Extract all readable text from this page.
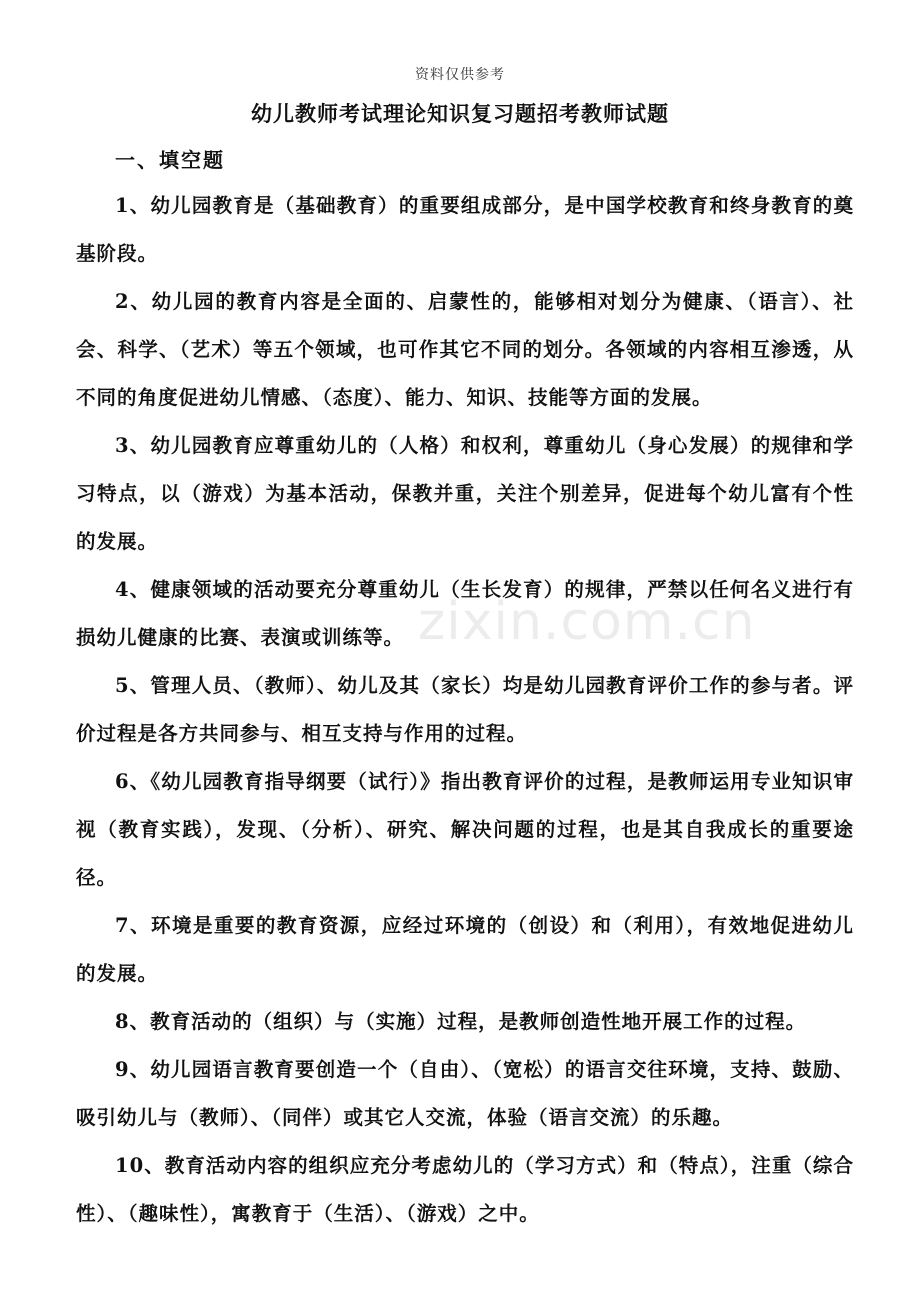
资料仅供参考
幼儿教师考试理论知识复习题招考教师试题
一、填空题

1、幼儿园教育是（基础教育）的重要组成部分，是中国学校教育和终身教育的奠基阶段。

2、幼儿园的教育内容是全面的、启蒙性的，能够相对划分为健康、（语言）、社会、科学、（艺术）等五个领域，也可作其它不同的划分。各领域的内容相互渗透，从不同的角度促进幼儿情感、（态度）、能力、知识、技能等方面的发展。

3、幼儿园教育应尊重幼儿的（人格）和权利，尊重幼儿（身心发展）的规律和学习特点，以（游戏）为基本活动，保教并重，关注个别差异，促进每个幼儿富有个性的发展。

4、健康领域的活动要充分尊重幼儿（生长发育）的规律，严禁以任何名义进行有损幼儿健康的比赛、表演或训练等。

5、管理人员、（教师）、幼儿及其（家长）均是幼儿园教育评价工作的参与者。评价过程是各方共同参与、相互支持与作用的过程。

6、《幼儿园教育指导纲要（试行）》指出教育评价的过程，是教师运用专业知识审视（教育实践），发现、（分析）、研究、解决问题的过程，也是其自我成长的重要途径。

7、环境是重要的教育资源，应经过环境的（创设）和（利用），有效地促进幼儿的发展。

8、教育活动的（组织）与（实施）过程，是教师创造性地开展工作的过程。

9、幼儿园语言教育要创造一个（自由）、（宽松）的语言交往环境，支持、鼓励、吸引幼儿与（教师）、（同伴）或其它人交流，体验（语言交流）的乐趣。

10、教育活动内容的组织应充分考虑幼儿的（学习方式）和（特点），注重（综合性）、（趣味性），寓教育于（生活）、（游戏）之中。

zixin.com.cn
